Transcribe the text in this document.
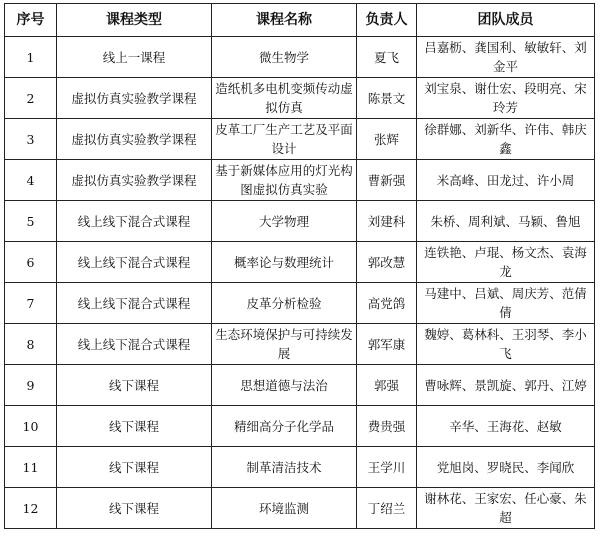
序号	课程类型	课程名称	负责人	团队成员
1	线上一课程	微生物学	夏飞	吕嘉枥、龚国利、敏敏轩、刘金平
2	虚拟仿真实验教学课程	造纸机多电机变频传动虚拟仿真	陈景文	刘宝泉、谢仕宏、段明亮、宋玲芳
3	虚拟仿真实验教学课程	皮革工厂生产工艺及平面设计	张辉	徐群娜、刘新华、许伟、韩庆鑫
4	虚拟仿真实验教学课程	基于新媒体应用的灯光构图虚拟仿真实验	曹新强	米高峰、田龙过、许小周
5	线上线下混合式课程	大学物理	刘建科	朱桥、周利斌、马颖、鲁旭
6	线上线下混合式课程	概率论与数理统计	郭改慧	连铁艳、卢琨、杨文杰、袁海龙
7	线上线下混合式课程	皮革分析检验	高党鸽	马建中、吕斌、周庆芳、范倩倩
8	线上线下混合式课程	生态环境保护与可持续发展	郭军康	魏婷、葛林科、王羽琴、李小飞
9	线下课程	思想道德与法治	郭强	曹咏辉、景凯旋、郭丹、江婷
10	线下课程	精细高分子化学品	费贵强	辛华、王海花、赵敏
11	线下课程	制革清洁技术	王学川	党旭岗、罗晓民、李闻欣
12	线下课程	环境监测	丁绍兰	谢林花、王家宏、任心豪、朱超
